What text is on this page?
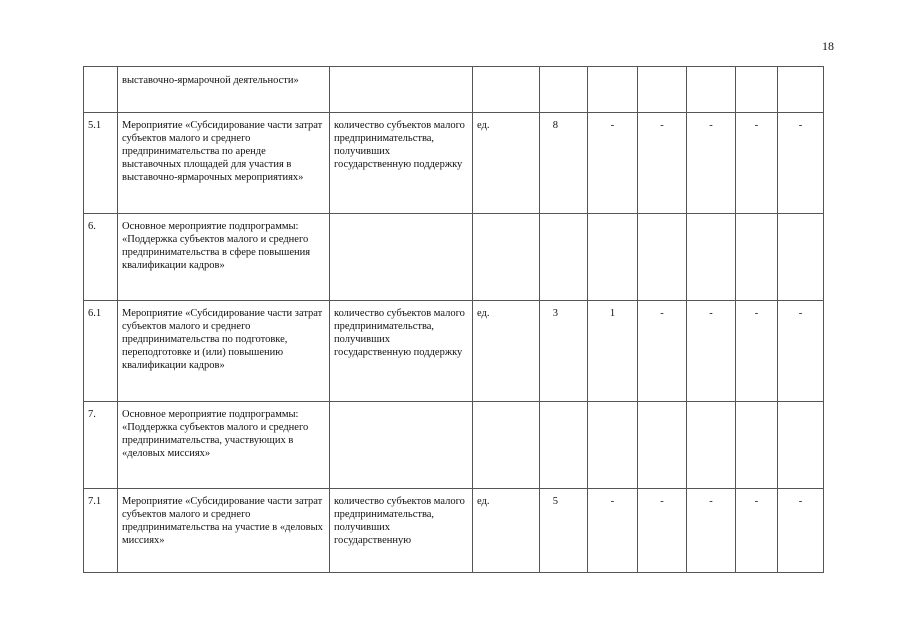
18
	выставочно-ярмарочной деятельности»								
5.1	Мероприятие «Субсидирование части затрат субъектов малого и среднего предпринимательства по аренде выставочных площадей для участия в выставочно-ярмарочных мероприятиях»	количество субъектов малого предпринимательства, получивших государственную поддержку	ед.	8	-	-	-	-	-
6.	Основное мероприятие подпрограммы: «Поддержка субъектов малого и среднего предпринимательства в сфере повышения квалификации кадров»								
6.1	Мероприятие «Субсидирование части затрат субъектов малого и среднего предпринимательства по подготовке, переподготовке и (или) повышению квалификации кадров»	количество субъектов малого предпринимательства, получивших государственную поддержку	ед.	3	1	-	-	-	-
7.	Основное мероприятие подпрограммы: «Поддержка субъектов малого и среднего предпринимательства, участвующих в «деловых миссиях»								
7.1	Мероприятие «Субсидирование части затрат субъектов малого и среднего предпринимательства на участие в «деловых миссиях»	количество субъектов малого предпринимательства, получивших государственную	ед.	5	-	-	-	-	-
